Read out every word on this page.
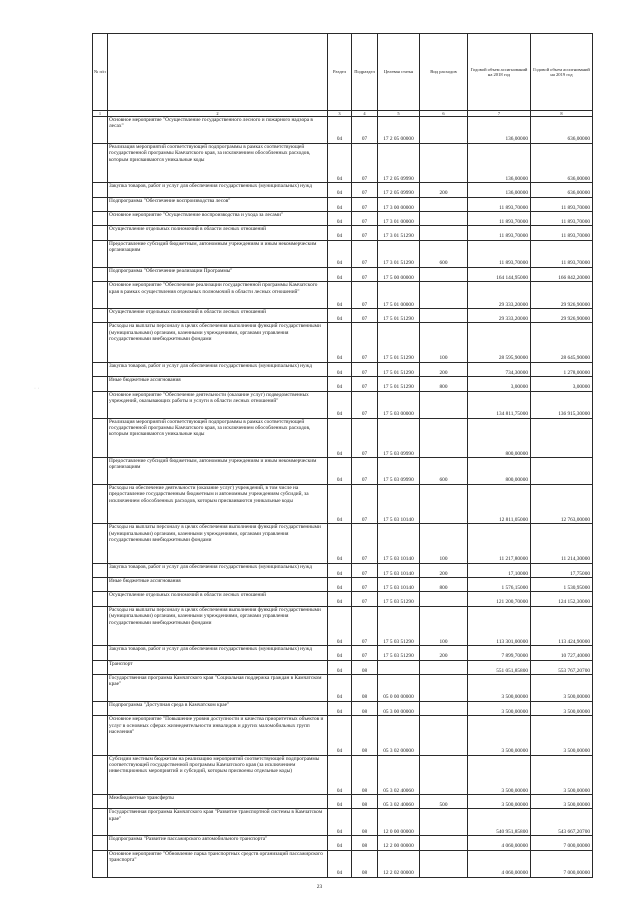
№ п/п		Раздел	Подраздел	Целевая статья	Вид расходов	Годовой объем ассигнований на 2018 год	Годовой объем ассигнований на 2019 год
1	2	3	4	5	6	7	8
	Основное мероприятие "Осуществление государственного лесного и пожарного надзора в лесах"	04	07	17 2 05 00000		136,00000	636,00000
	Реализация мероприятий соответствующей подпрограммы в рамках соответствующей государственной программы Камчатского края, за исключением обособленных расходов, которым присваиваются уникальные коды	04	07	17 2 05 09990		136,00000	636,00000
	Закупка товаров, работ и услуг для обеспечения государственных (муниципальных) нужд	04	07	17 2 05 09990	200	136,00000	636,00000
	Подпрограмма "Обеспечение воспроизводства лесов"	04	07	17 3 00 00000		11 893,70000	11 893,70000
	Основное мероприятие "Осуществление воспроизводства и ухода за лесами"	04	07	17 3 01 00000		11 893,70000	11 893,70000
	Осуществление отдельных полномочий в области лесных отношений	04	07	17 3 01 51290		11 893,70000	11 893,70000
	Предоставление субсидий бюджетным, автономным учреждениям и иным некоммерческим организациям	04	07	17 3 01 51290	600	11 893,70000	11 893,70000
	Подпрограмма "Обеспечение реализации Программы"	04	07	17 5 00 00000		164 144,95000	166 842,20000
	Основное мероприятие "Обеспечение реализации государственной программы Камчатского края в рамках осуществления отдельных полномочий в области лесных отношений"	04	07	17 5 01 00000		29 333,20000	29 926,90000
	Осуществление отдельных полномочий в области лесных отношений	04	07	17 5 01 51290		29 333,20000	29 926,90000
	Расходы на выплаты персоналу в целях обеспечения выполнения функций государственными (муниципальными) органами, казенными учреждениями, органами управления государственными внебюджетными фондами	04	07	17 5 01 51290	100	28 595,90000	28 645,90000
	Закупка товаров, работ и услуг для обеспечения государственных (муниципальных) нужд	04	07	17 5 01 51290	200	734,30000	1 278,00000
	Иные бюджетные ассигнования	04	07	17 5 01 51290	800	3,00000	3,00000
	Основное мероприятие "Обеспечение деятельности (оказание услуг) подведомственных учреждений, оказывающих работы и услуги в области лесных отношений"	04	07	17 5 03 00000		134 811,75000	136 915,30000
	Реализация мероприятий соответствующей подпрограммы в рамках соответствующей государственной программы Камчатского края, за исключением обособленных расходов, которым присваиваются уникальные коды	04	07	17 5 03 09990		800,00000	
	Предоставление субсидий бюджетным, автономным учреждениям и иным некоммерческим организациям	04	07	17 5 03 09990	600	800,00000	
	Расходы на обеспечение деятельности (оказание услуг) учреждений, в том числе на предоставление государственным бюджетным и автономным учреждениям субсидий, за исключением обособленных расходов, которым присваиваются уникальные коды	04	07	17 5 03 10140		12 811,05000	12 763,00000
	Расходы на выплаты персоналу в целях обеспечения выполнения функций государственными (муниципальными) органами, казенными учреждениями, органами управления государственными внебюджетными фондами	04	07	17 5 03 10140	100	11 217,80000	11 214,30000
	Закупка товаров, работ и услуг для обеспечения государственных (муниципальных) нужд	04	07	17 5 03 10140	200	17,10000	17,75000
	Иные бюджетные ассигнования	04	07	17 5 03 10140	800	1 576,15000	1 530,95000
	Осуществление отдельных полномочий в области лесных отношений	04	07	17 5 03 51290		121 200,70000	124 152,30000
	Расходы на выплаты персоналу в целях обеспечения выполнения функций государственными (муниципальными) органами, казенными учреждениями, органами управления государственными внебюджетными фондами	04	07	17 5 03 51290	100	113 301,00000	113 424,90000
	Закупка товаров, работ и услуг для обеспечения государственных (муниципальных) нужд	04	07	17 5 03 51290	200	7 899,70000	10 727,40000
	Транспорт	04	08			551 051,85800	553 767,20700
	Государственная программа Камчатского края "Социальная поддержка граждан в Камчатском крае"	04	08	05 0 00 00000		3 500,00000	3 500,00000
	Подпрограмма "Доступная среда в Камчатском крае"	04	08	05 3 00 00000		3 500,00000	3 500,00000
	Основное мероприятие "Повышение уровня доступности и качества приоритетных объектов и услуг в основных сферах жизнедеятельности инвалидов и других маломобильных групп населения"	04	08	05 3 02 00000		3 500,00000	3 500,00000
	Субсидии местным бюджетам на реализацию мероприятий соответствующей подпрограммы соответствующей государственной программы Камчатского края (за исключением инвестиционных мероприятий и субсидий, которым присвоены отдельные коды)	04	08	05 3 02 40060		3 500,00000	3 500,00000
	Межбюджетные трансферты	04	08	05 3 02 40060	500	3 500,00000	3 500,00000
	Государственная программа Камчатского края "Развитие транспортной системы в Камчатском крае"	04	08	12 0 00 00000		540 951,85800	543 667,20700
	Подпрограмма "Развитие пассажирского автомобильного транспорта"	04	08	12 2 00 00000		4 060,00000	7 000,00000
	Основное мероприятие "Обновление парка транспортных средств организаций пассажирского транспорта"	04	08	12 2 02 00000		4 060,00000	7 000,00000
· ·
23
